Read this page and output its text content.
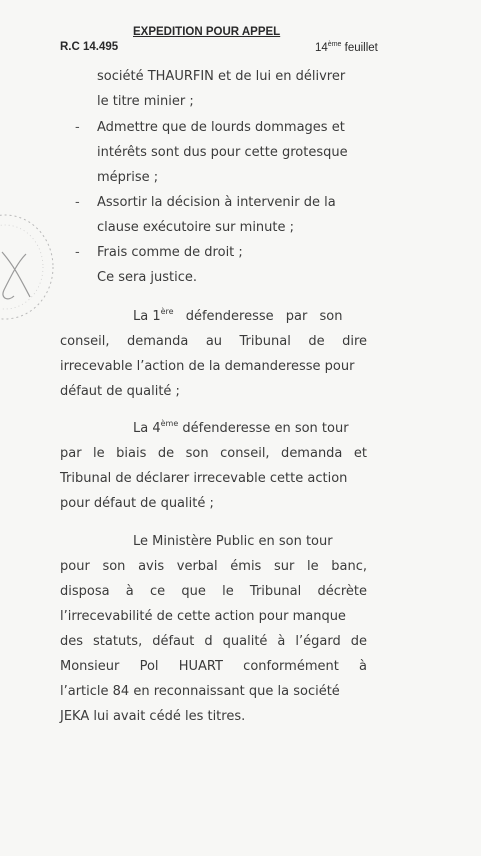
EXPEDITION POUR APPEL
R.C 14.495	14ème feuillet
société THAURFIN et de lui en délivrer
le titre minier ;
- Admettre que de lourds dommages et
intérêts sont dus pour cette grotesque
méprise ;
- Assortir la décision à intervenir de la
clause exécutoire sur minute ;
- Frais comme de droit ;
Ce sera justice.
La 1ère défenderesse par son
conseil, demanda au Tribunal de dire
irrecevable l’action de la demanderesse pour
défaut de qualité ;
La 4ème défenderesse en son tour
par le biais de son conseil, demanda et
Tribunal de déclarer irrecevable cette action
pour défaut de qualité ;
Le Ministère Public en son tour
pour son avis verbal émis sur le banc,
disposa à ce que le Tribunal décrète
l’irrecevabilité de cette action pour manque
des statuts, défaut d qualité à l’égard de
Monsieur Pol HUART conformément à
l’article 84 en reconnaissant que la société
JEKA lui avait cédé les titres.
